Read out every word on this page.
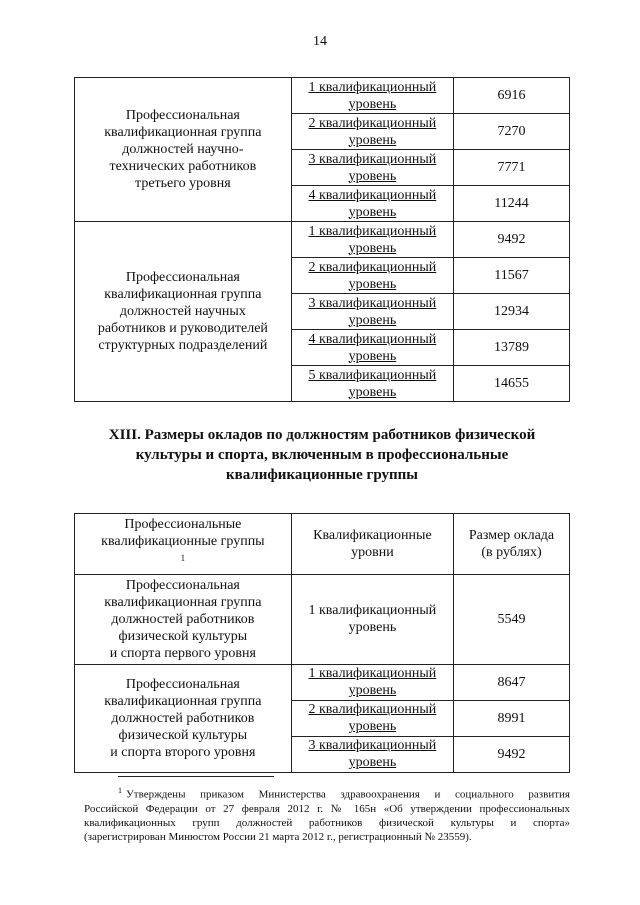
14
Профессиональная
квалификационная группа
должностей научно-
технических работников
третьего уровня	1 квалификационный
уровень	6916

	2 квалификационный
уровень	7270

	3 квалификационный
уровень	7771

	4 квалификационный
уровень	11244

Профессиональная
квалификационная группа
должностей научных
работников и руководителей
структурных подразделений	1 квалификационный
уровень	9492

	2 квалификационный
уровень	11567

	3 квалификационный
уровень	12934

	4 квалификационный
уровень	13789

	5 квалификационный
уровень	14655
XIII. Размеры окладов по должностям работников физической
культуры и спорта, включенным в профессиональные
квалификационные группы
Профессиональные
квалификационные группы
$^1$	Квалификационные
уровни	Размер оклада
(в рублях)

Профессиональная
квалификационная группа
должностей работников
физической культуры
и спорта первого уровня	1 квалификационный
уровень	5549

Профессиональная
квалификационная группа
должностей работников
физической культуры
и спорта второго уровня	1 квалификационный
уровень	8647

	2 квалификационный
уровень	8991

	3 квалификационный
уровень	9492
$^1$ Утверждены приказом Министерства здравоохранения и социального развития
Российской Федерации от 27 февраля 2012 г. № 165н «Об утверждении профессиональных
квалификационных групп должностей работников физической культуры и спорта»
(зарегистрирован Минюстом России 21 марта 2012 г., регистрационный № 23559).
